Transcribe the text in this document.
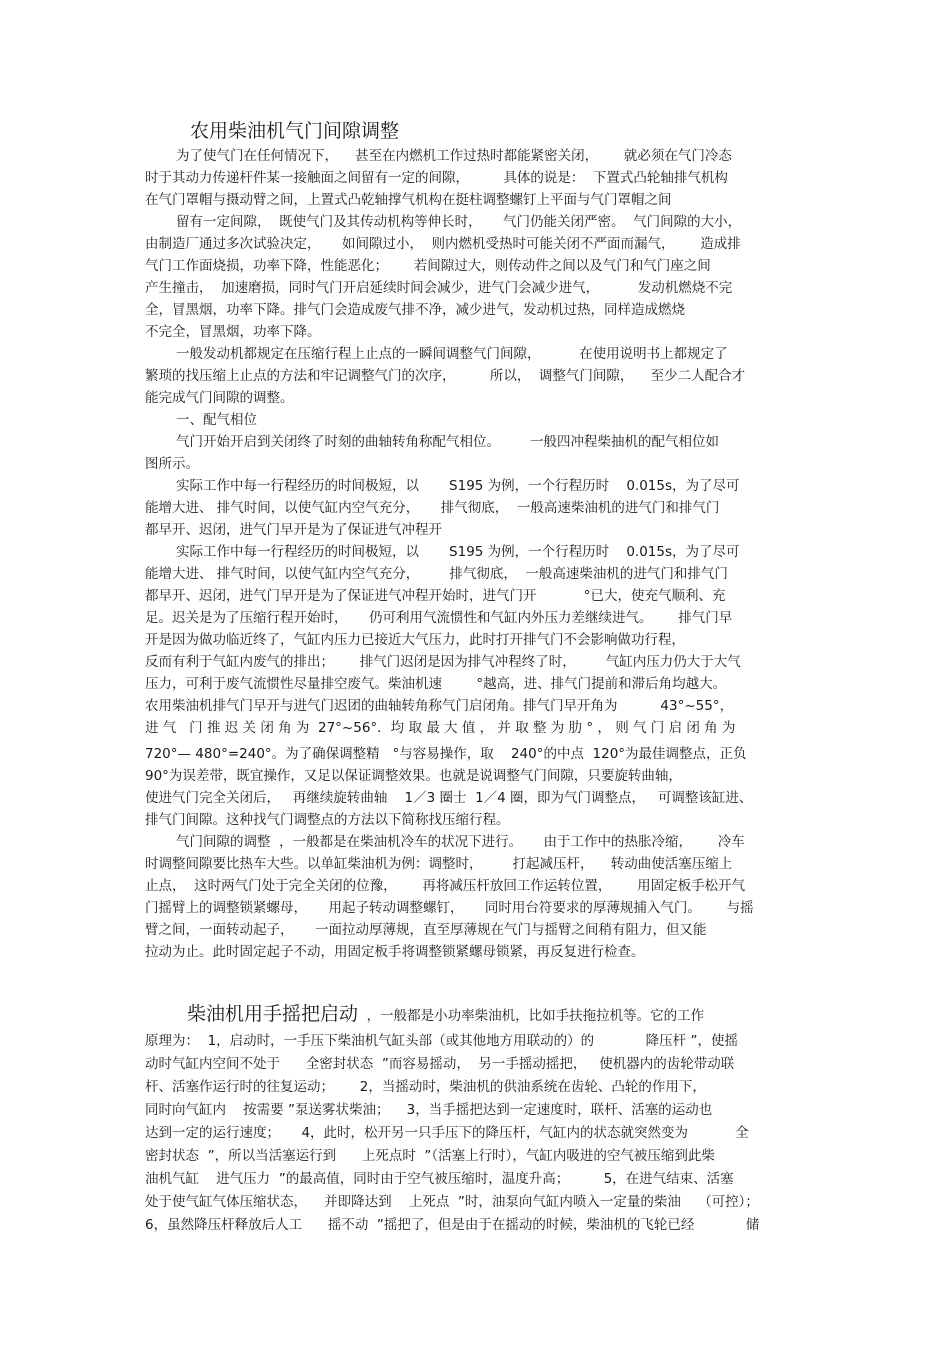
农用柴油机气门间隙调整
为了使气门在任何情况下，    甚至在内燃机工作过热时都能紧密关闭，      就必须在气门冷态
时于其动力传递杆件某一接触面之间留有一定的间隙，        具体的说是：  下置式凸轮轴排气机构
在气门罩帽与摄动臂之间，上置式凸乾轴撑气机构在挺柱调整螺钉上平面与气门罩帽之间
留有一定间隙，  既使气门及其传动机构等伸长时，     气门仍能关闭严密。  气门间隙的大小，
由制造厂通过多次试验决定，     如间隙过小，  则内燃机受热时可能关闭不严面而漏气，      造成排
气门工作面烧损，功率下降，性能恶化；      若间隙过大，则传动件之间以及气门和气门座之间
产生撞击，  加速磨损，同时气门开启延续时间会减少，进气门会减少进气，         发动机燃烧不完
全，冒黑烟，功率下降。排气门会造成废气排不净，减少进气，发动机过热，同样造成燃烧
不完全，冒黑烟，功率下降。
一般发动机都规定在压缩行程上止点的一瞬间调整气门间隙，         在使用说明书上都规定了
繁琐的找压缩上止点的方法和牢记调整气门的次序，        所以，  调整气门间隙，    至少二人配合才
能完成气门间隙的调整。
一、配气相位
气门开始开启到关闭终了时刻的曲轴转角称配气相位。       一般四冲程柴抽机的配气相位如
图所示。
实际工作中每一行程经历的时间极短，以       S195 为例，一个行程历时    0.015s，为了尽可
能增大进、 排气时间，以使气缸内空气充分，     排气彻底，  一般高速柴油机的进气门和排气门
都早开、迟闭，进气门早开是为了保证进气冲程开
实际工作中每一行程经历的时间极短，以       S195 为例，一个行程历时    0.015s，为了尽可
能增大进、 排气时间，以使气缸内空气充分，       排气彻底，  一般高速柴油机的进气门和排气门
都早开、迟闭，进气门早开是为了保证进气冲程开始时，进气门开           °已大，使充气顺利、充
足。迟关是为了压缩行程开始时，     仍可利用气流惯性和气缸内外压力差继续进气。      排气门早
开是因为做功临近终了，气缸内压力已接近大气压力，此时打开排气门不会影响做功行程，
反而有利于气缸内废气的排出；      排气门迟闭是因为排气冲程终了时，       气缸内压力仍大于大气
压力，可利于废气流惯性尽量排空废气。柴油机速        °越高，进、排气门提前和滞后角均越大。
农用柴油机排气门早开与进气门迟团的曲轴转角称气门启闭角。排气门早开角为          43°~55°，
进 气   门 推 迟 关 闭 角 为  27°~56°．均 取 最 大 值 ， 并 取 整 为 肋 ° ， 则 气 门 启 闭 角 为
720°— 480°=240°。为了确保调整精   °与容易操作，取    240°的中点  120°为最佳调整点，正负
90°为误差带，既宜操作，又足以保证调整效果。也就是说调整气门间隙，只要旋转曲轴，
使进气门完全关闭后，   再继续旋转曲轴    1／3 圈士  1／4 圈，即为气门调整点，   可调整该缸进、
排气门间隙。这种找气门调整点的方法以下简称找压缩行程。
气门间隙的调整  ，一般都是在柴油机冷车的状况下进行。     由于工作中的热胀冷缩，      冷车
时调整间隙要比热车大些。以单缸柴油机为例：调整时，       打起减压杆，    转动曲使活塞压缩上
止点，  这时两气门处于完全关闭的位豫，      再将减压杆放回工作运转位置，      用固定板手松开气
门摇臂上的调整锁紧螺母，     用起子转动调整螺钉，     同时用台符要求的厚薄规捕入气门。      与摇
臂之间，一面转动起子，     一面拉动厚薄规，直至厚薄规在气门与摇臂之间稍有阻力，但又能
拉动为止。此时固定起子不动，用固定板手将调整锁紧螺母锁紧，再反复进行检查。
柴油机用手摇把启动  ，一般都是小功率柴油机，比如手扶拖拉机等。它的工作
原理为：  1，启动时，一手压下柴油机气缸头部（或其他地方用联动的）的            降压杆 ”，使摇
动时气缸内空间不处于      全密封状态  ”而容易摇动，  另一手摇动摇把，   使机器内的齿轮带动联
杆、活塞作运行时的往复运动；      2，当摇动时，柴油机的供油系统在齿轮、凸轮的作用下，
同时向气缸内    按需要 ”泵送雾状柴油；    3，当手摇把达到一定速度时，联杆、活塞的运动也
达到一定的运行速度；     4，此时，松开另一只手压下的降压杆，气缸内的状态就突然变为           全
密封状态  ”，所以当活塞运行到      上死点时  ”（活塞上行时），气缸内吸进的空气被压缩到此柴
油机气缸    进气压力  ”的最高值，同时由于空气被压缩时，温度升高；        5，在进气结束、活塞
处于使气缸气体压缩状态，    并即降达到    上死点  ”时，油泵向气缸内喷入一定量的柴油    （可控）；
6，虽然降压杆释放后人工      摇不动  ”摇把了，但是由于在摇动的时候，柴油机的飞轮已经            储
